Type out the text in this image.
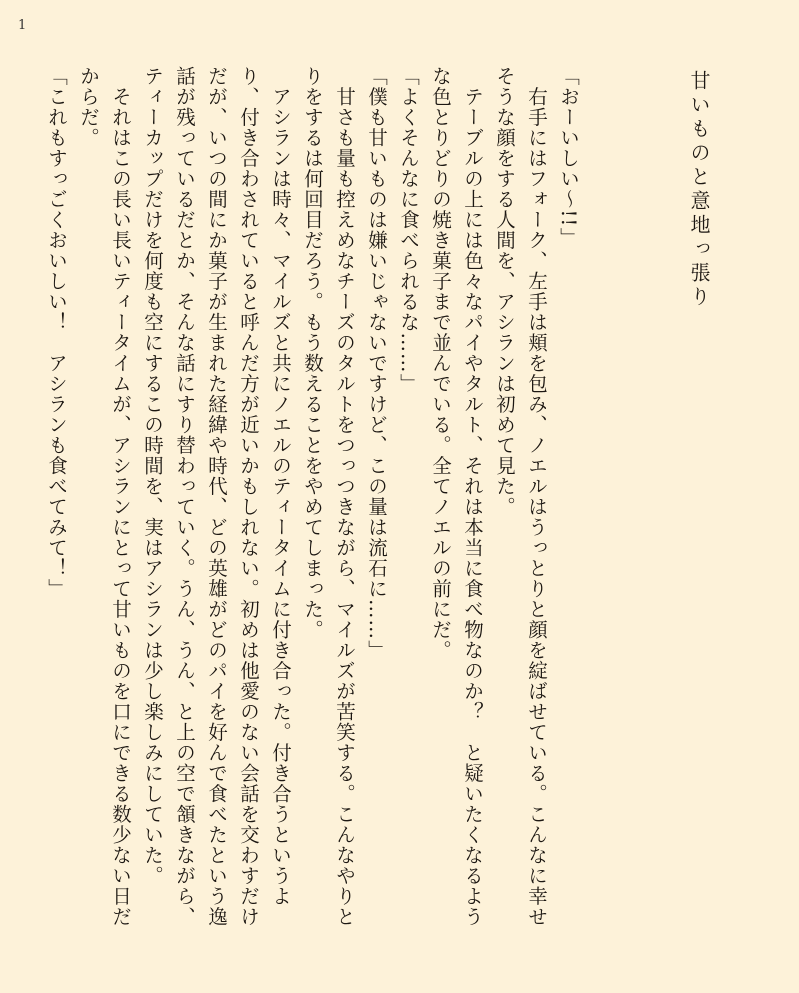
1
甘いものと意地っ張り

「おーいしい〜!!」

　右手にはフォーク、左手は頬を包み、ノエルはうっとりと顔を綻ばせている。こんなに幸せそうな顔をする人間を、アシランは初めて見た。

　テーブルの上には色々なパイやタルト、それは本当に食べ物なのか？　と疑いたくなるような色とりどりの焼き菓子まで並んでいる。全てノエルの前にだ。

「よくそんなに食べられるな……」

「僕も甘いものは嫌いじゃないですけど、この量は流石に……」

　甘さも量も控えめなチーズのタルトをつっつきながら、マイルズが苦笑する。こんなやりとりをするは何回目だろう。もう数えることをやめてしまった。

　アシランは時々、マイルズと共にノエルのティータイムに付き合った。付き合うというより、付き合わされていると呼んだ方が近いかもしれない。初めは他愛のない会話を交わすだけだが、いつの間にか菓子が生まれた経緯や時代、どの英雄がどのパイを好んで食べたという逸話が残っているだとか、そんな話にすり替わっていく。うん、うん、と上の空で頷きながら、ティーカップだけを何度も空にするこの時間を、実はアシランは少し楽しみにしていた。

　それはこの長い長いティータイムが、アシランにとって甘いものを口にできる数少ない日だからだ。

「これもすっごくおいしい！　アシランも食べてみて！」
